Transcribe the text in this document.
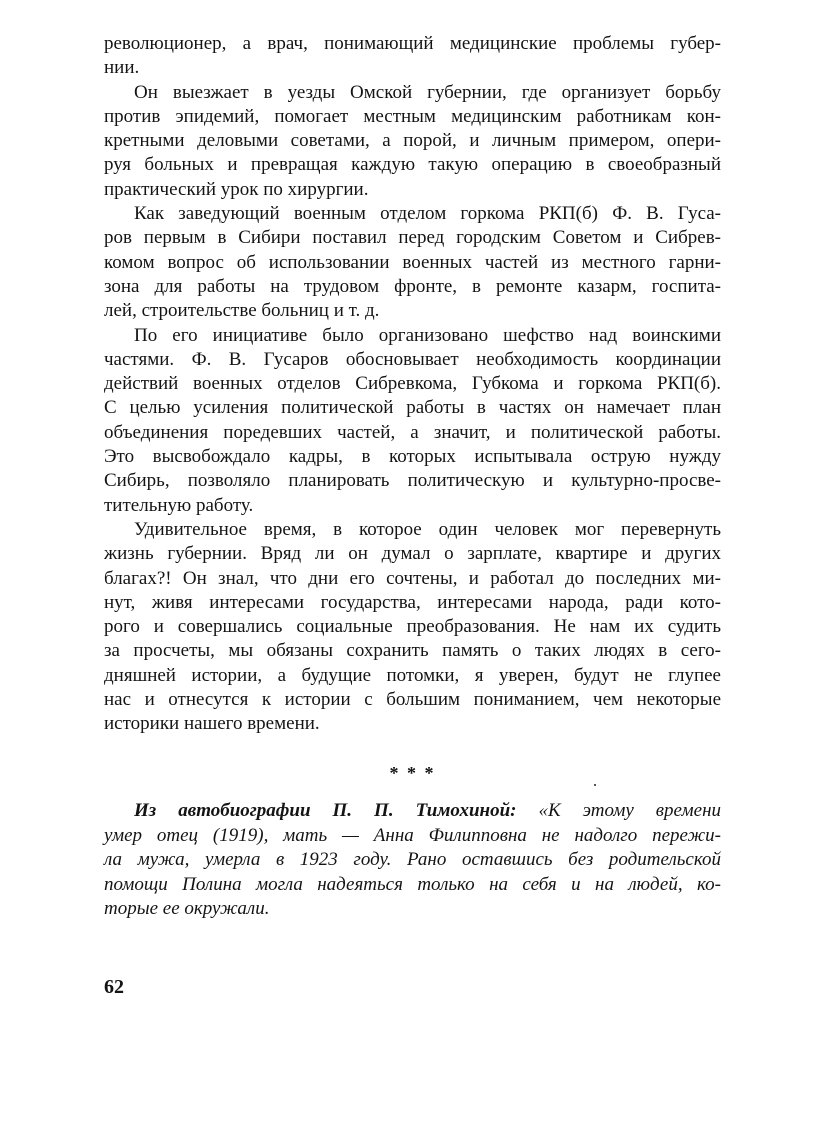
революционер, а врач, понимающий медицинские проблемы губер-
нии.
Он выезжает в уезды Омской губернии, где организует борьбу
против эпидемий, помогает местным медицинским работникам кон-
кретными деловыми советами, а порой, и личным примером, опери-
руя больных и превращая каждую такую операцию в своеобразный
практический урок по хирургии.
Как заведующий военным отделом горкома РКП(б) Ф. В. Гуса-
ров первым в Сибири поставил перед городским Советом и Сибрев-
комом вопрос об использовании военных частей из местного гарни-
зона для работы на трудовом фронте, в ремонте казарм, госпита-
лей, строительстве больниц и т. д.
По его инициативе было организовано шефство над воинскими
частями. Ф. В. Гусаров обосновывает необходимость координации
действий военных отделов Сибревкома, Губкома и горкома РКП(б).
С целью усиления политической работы в частях он намечает план
объединения поредевших частей, а значит, и политической работы.
Это высвобождало кадры, в которых испытывала острую нужду
Сибирь, позволяло планировать политическую и культурно-просве-
тительную работу.
Удивительное время, в которое один человек мог перевернуть
жизнь губернии. Вряд ли он думал о зарплате, квартире и других
благах?! Он знал, что дни его сочтены, и работал до последних ми-
нут, живя интересами государства, интересами народа, ради кото-
рого и совершались социальные преобразования. Не нам их судить
за просчеты, мы обязаны сохранить память о таких людях в сего-
дняшней истории, а будущие потомки, я уверен, будут не глупее
нас и отнесутся к истории с большим пониманием, чем некоторые
историки нашего времени.
* * *
Из автобиографии П. П. Тимохиной: «К этому времени
умер отец (1919), мать — Анна Филипповна не надолго пережи-
ла мужа, умерла в 1923 году. Рано оставшись без родительской
помощи Полина могла надеяться только на себя и на людей, ко-
торые ее окружали.
62
